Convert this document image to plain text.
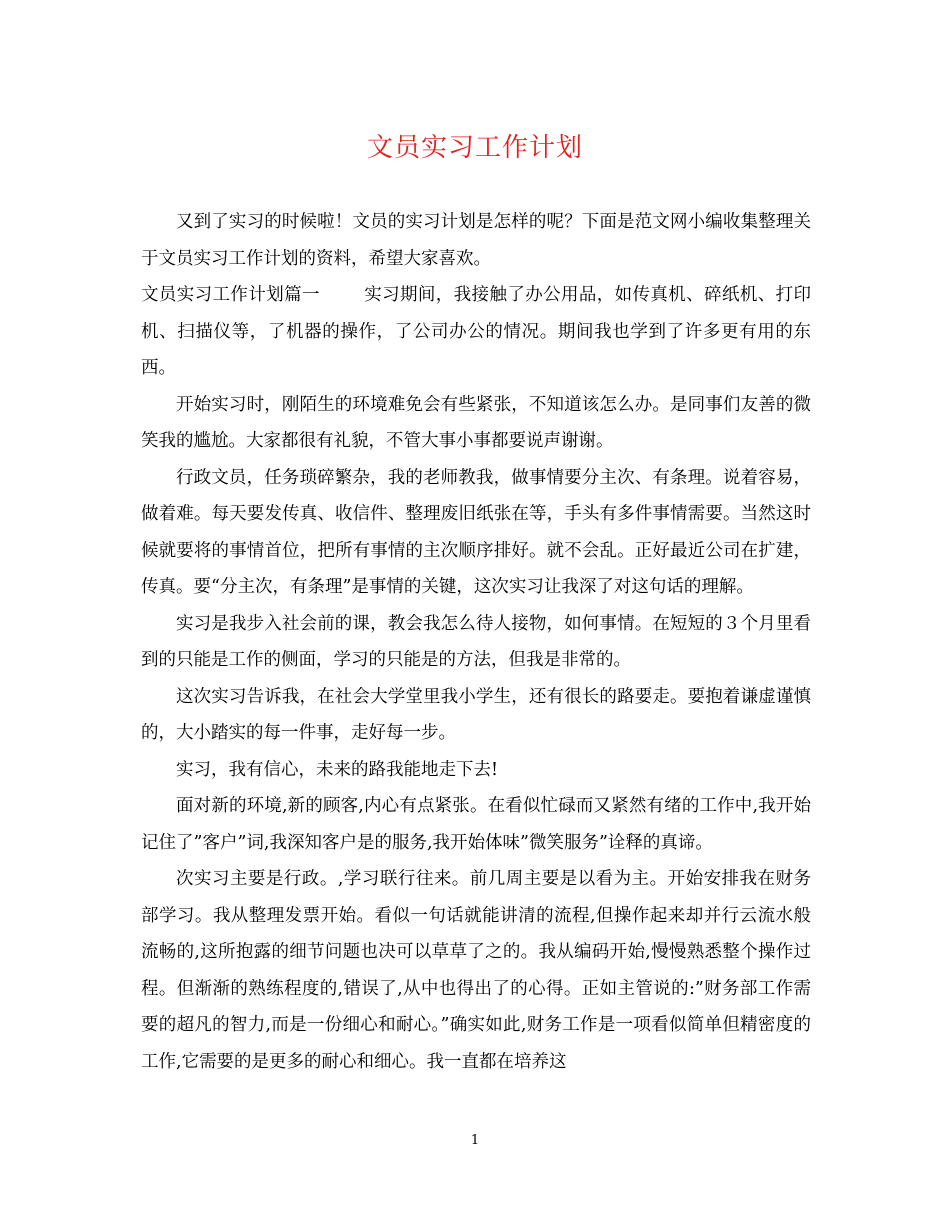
文员实习工作计划

又到了实习的时候啦！文员的实习计划是怎样的呢？下面是范文网小编收集整理关于文员实习工作计划的资料，希望大家喜欢。

文员实习工作计划篇一	实习期间，我接触了办公用品，如传真机、碎纸机、打印机、扫描仪等，了机器的操作，了公司办公的情况。期间我也学到了许多更有用的东西。

开始实习时，刚陌生的环境难免会有些紧张，不知道该怎么办。是同事们友善的微笑我的尴尬。大家都很有礼貌，不管大事小事都要说声谢谢。

行政文员，任务琐碎繁杂，我的老师教我，做事情要分主次、有条理。说着容易，做着难。每天要发传真、收信件、整理废旧纸张在等，手头有多件事情需要。当然这时候就要将的事情首位，把所有事情的主次顺序排好。就不会乱。正好最近公司在扩建，传真。要“分主次，有条理”是事情的关键，这次实习让我深了对这句话的理解。

实习是我步入社会前的课，教会我怎么待人接物，如何事情。在短短的３个月里看到的只能是工作的侧面，学习的只能是的方法，但我是非常的。

这次实习告诉我，在社会大学堂里我小学生，还有很长的路要走。要抱着谦虚谨慎的，大小踏实的每一件事，走好每一步。

实习，我有信心，未来的路我能地走下去!

面对新的环境,新的顾客,内心有点紧张。在看似忙碌而又紧然有绪的工作中,我开始记住了”客户”词,我深知客户是的服务,我开始体味”微笑服务”诠释的真谛。

次实习主要是行政。,学习联行往来。前几周主要是以看为主。开始安排我在财务部学习。我从整理发票开始。看似一句话就能讲清的流程,但操作起来却并行云流水般流畅的,这所抱露的细节问题也决可以草草了之的。我从编码开始,慢慢熟悉整个操作过程。但渐渐的熟练程度的,错误了,从中也得出了的心得。正如主管说的:”财务部工作需要的超凡的智力,而是一份细心和耐心。”确实如此,财务工作是一项看似简单但精密度的工作,它需要的是更多的耐心和细心。我一直都在培养这

1
